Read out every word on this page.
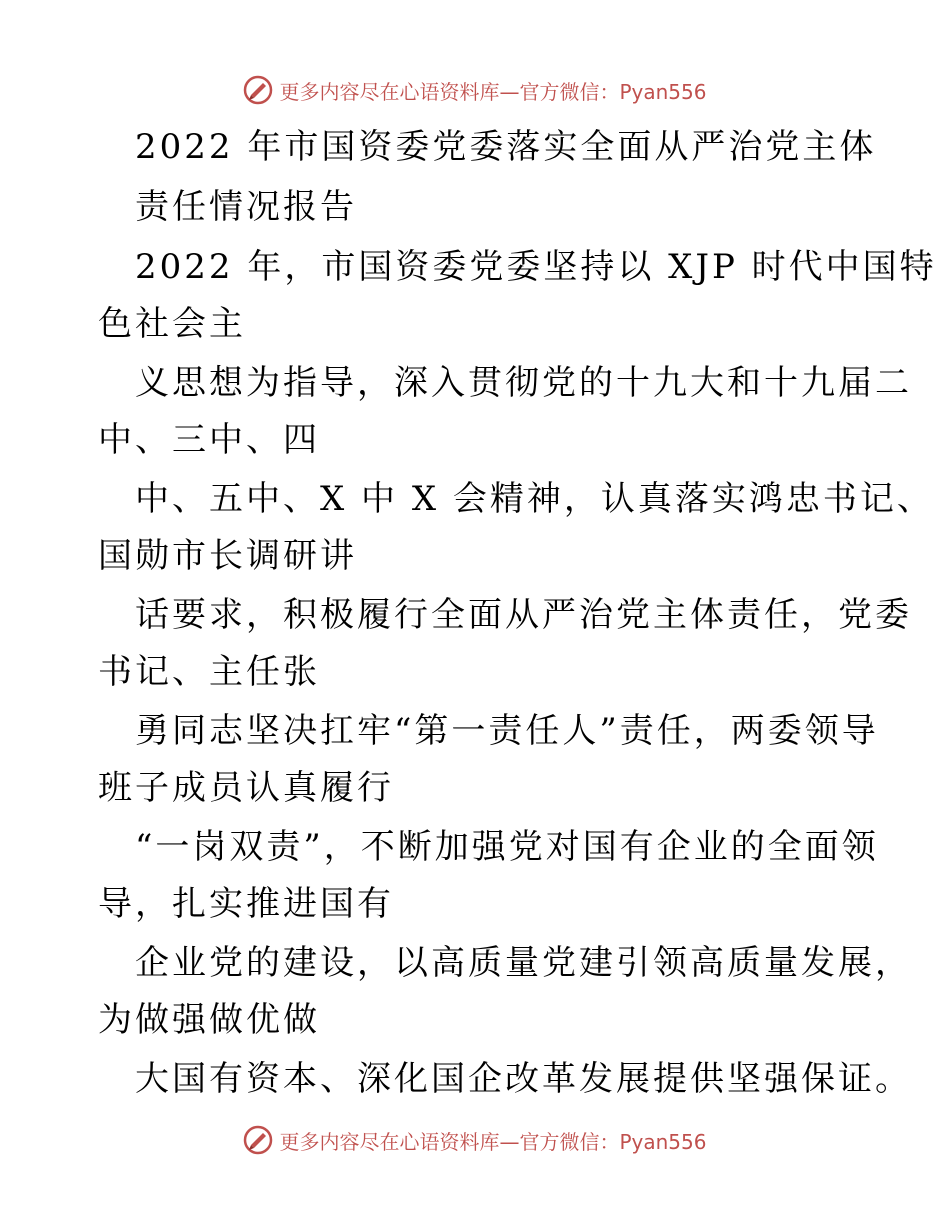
更多内容尽在心语资料库—官方微信：Pyan556
2022 年市国资委党委落实全面从严治党主体
责任情况报告
2022 年，市国资委党委坚持以 XJP 时代中国特
色社会主
义思想为指导，深入贯彻党的十九大和十九届二
中、三中、四
中、五中、X 中 X 会精神，认真落实鸿忠书记、
国勋市长调研讲
话要求，积极履行全面从严治党主体责任，党委
书记、主任张
勇同志坚决扛牢“第一责任人”责任，两委领导
班子成员认真履行
“一岗双责”，不断加强党对国有企业的全面领
导，扎实推进国有
企业党的建设，以高质量党建引领高质量发展，
为做强做优做
大国有资本、深化国企改革发展提供坚强保证。
更多内容尽在心语资料库—官方微信：Pyan556
